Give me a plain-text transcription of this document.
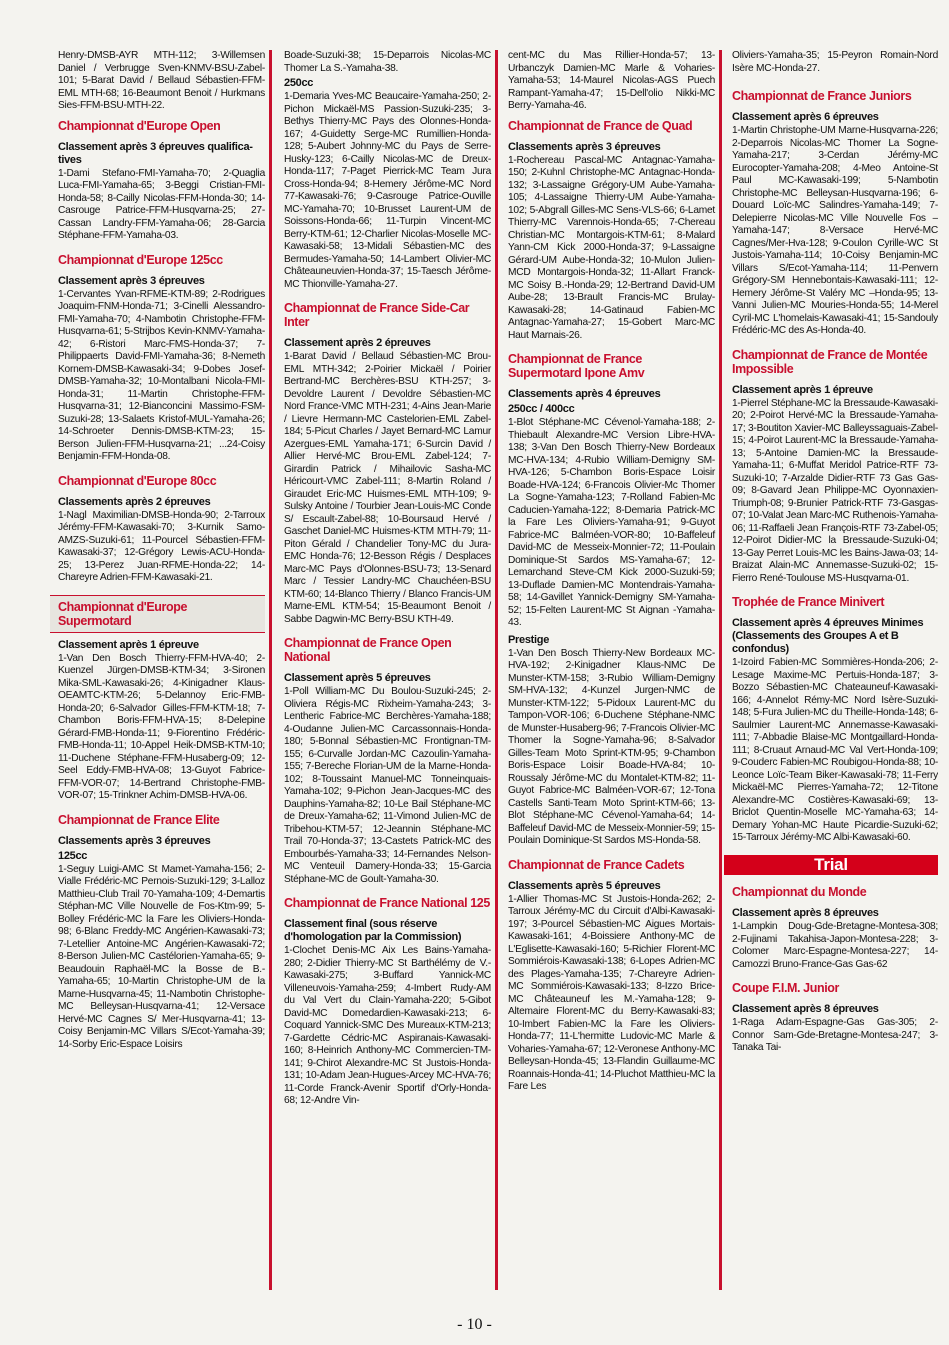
Henry-DMSB-AYR MTH-112; 3-Willemsen Daniel / Verbrugge Sven-KNMV-BSU-Zabel-101; 5-Barat David / Bellaud Sébastien-FFM-EML MTH-68; 16-Beaumont Benoit / Hurkmans Sies-FFM-BSU-MTH-22.
Championnat d'Europe Open
Classement après 3 épreuves qualifica-tives
1-Dami Stefano-FMI-Yamaha-70; 2-Quaglia Luca-FMI-Yamaha-65; 3-Beggi Cristian-FMI-Honda-58; 8-Cailly Nicolas-FFM-Honda-30; 14-Casrouge Patrice-FFM-Husqvarna-25; 27-Cassan Landry-FFM-Yamaha-06; 28-Garcia Stéphane-FFM-Yamaha-03.
Championnat d'Europe 125cc
Classement après 3 épreuves
1-Cervantes Yvan-RFME-KTM-89; 2-Rodrigues Joaquim-FNM-Honda-71; 3-Cinelli Alessandro-FMI-Yamaha-70; 4-Nambotin Christophe-FFM-Husqvarna-61; 5-Strijbos Kevin-KNMV-Yamaha-42; 6-Ristori Marc-FMS-Honda-37; 7-Philippaerts David-FMI-Yamaha-36; 8-Nemeth Kornem-DMSB-Kawasaki-34; 9-Dobes Josef-DMSB-Yamaha-32; 10-Montalbani Nicola-FMI-Honda-31; 11-Martin Christophe-FFM-Husqvarna-31; 12-Bianconcini Massimo-FSM-Suzuki-28; 13-Salaets Kristof-MUL-Yamaha-26; 14-Schroeter Dennis-DMSB-KTM-23; 15-Berson Julien-FFM-Husqvarna-21; ...24-Coisy Benjamin-FFM-Honda-08.
Championnat d'Europe 80cc
Classements après 2 épreuves
1-Nagl Maximilian-DMSB-Honda-90; 2-Tarroux Jérémy-FFM-Kawasaki-70; 3-Kurnik Samo-AMZS-Suzuki-61; 11-Pourcel Sébastien-FFM-Kawasaki-37; 12-Grégory Lewis-ACU-Honda-25; 13-Perez Juan-RFME-Honda-22; 14-Chareyre Adrien-FFM-Kawasaki-21.
Championnat d'Europe Supermotard
Classement après 1 épreuve
1-Van Den Bosch Thierry-FFM-HVA-40; 2-Kuenzel Jürgen-DMSB-KTM-34; 3-Sironen Mika-SML-Kawasaki-26; 4-Kinigadner Klaus-OEAMTC-KTM-26; 5-Delannoy Eric-FMB-Honda-20; 6-Salvador Gilles-FFM-KTM-18; 7-Chambon Boris-FFM-HVA-15; 8-Delepine Gérard-FMB-Honda-11; 9-Fiorentino Frédéric-FMB-Honda-11; 10-Appel Heik-DMSB-KTM-10; 11-Duchene Stéphane-FFM-Husaberg-09; 12-Seel Eddy-FMB-HVA-08; 13-Guyot Fabrice-FFM-VOR-07; 14-Bertrand Christophe-FMB-VOR-07; 15-Trinkner Achim-DMSB-HVA-06.
Championnat de France Elite
Classements après 3 épreuves
125cc
1-Seguy Luigi-AMC St Mamet-Yamaha-156; 2-Vialle Frédéric-MC Pernois-Suzuki-129; 3-Lalloz Matthieu-Club Trail 70-Yamaha-109; 4-Demartis Stéphan-MC Ville Nouvelle de Fos-Ktm-99; 5-Bolley Frédéric-MC la Fare les Oliviers-Honda-98; 6-Blanc Freddy-MC Angérien-Kawasaki-73; 7-Letellier Antoine-MC Angérien-Kawasaki-72; 8-Berson Julien-MC Castélorien-Yamaha-65; 9-Beaudouin Raphaël-MC la Bosse de B.-Yamaha-65; 10-Martin Christophe-UM de la Marne-Husqvarna-45; 11-Nambotin Christophe-MC Belleysan-Husqvarna-41; 12-Versace Hervé-MC Cagnes S/ Mer-Husqvarna-41; 13-Coisy Benjamin-MC Villars S/Ecot-Yamaha-39; 14-Sorby Eric-Espace Loisirs
Boade-Suzuki-38; 15-Deparrois Nicolas-MC Thomer La S.-Yamaha-38.
250cc
1-Demaria Yves-MC Beaucaire-Yamaha-250; 2-Pichon Mickaël-MS Passion-Suzuki-235; 3-Bethys Thierry-MC Pays des Olonnes-Honda-167; 4-Guidetty Serge-MC Rumillien-Honda-128; 5-Aubert Johnny-MC du Pays de Serre-Husky-123; 6-Cailly Nicolas-MC de Dreux-Honda-117; 7-Paget Pierrick-MC Team Jura Cross-Honda-94; 8-Hemery Jérôme-MC Nord 77-Kawasaki-76; 9-Casrouge Patrice-Ouville MC-Yamaha-70; 10-Brusset Laurent-UM de Soissons-Honda-66; 11-Turpin Vincent-MC Berry-KTM-61; 12-Charlier Nicolas-Moselle MC-Kawasaki-58; 13-Midali Sébastien-MC des Bermudes-Yamaha-50; 14-Lambert Olivier-MC Châteauneuvien-Honda-37; 15-Taesch Jérôme-MC Thionville-Yamaha-27.
Championnat de France Side-Car Inter
Classement après 2 épreuves
1-Barat David / Bellaud Sébastien-MC Brou-EML MTH-342; 2-Poirier Mickaël / Poirier Bertrand-MC Berchères-BSU KTH-257; 3-Devoldre Laurent / Devoldre Sébastien-MC Nord France-VMC MTH-231; 4-Ains Jean-Marie / Lievre Hermann-MC Castelorien-EML Zabel-184; 5-Picut Charles / Jayet Bernard-MC Lamur Azergues-EML Yamaha-171; 6-Surcin David / Allier Hervé-MC Brou-EML Zabel-124; 7-Girardin Patrick / Mihailovic Sasha-MC Héricourt-VMC Zabel-111; 8-Martin Roland / Giraudet Eric-MC Huismes-EML MTH-109; 9-Sulsky Antoine / Tourbier Jean-Louis-MC Conde S/ Escault-Zabel-88; 10-Boursaud Hervé / Gaschet Daniel-MC Huismes-KTM MTH-79; 11-Piton Gérald / Chandelier Tony-MC du Jura-EMC Honda-76; 12-Besson Régis / Desplaces Marc-MC Pays d'Olonnes-BSU-73; 13-Senard Marc / Tessier Landry-MC Chauchéen-BSU KTM-60; 14-Blanco Thierry / Blanco Francis-UM Marne-EML KTM-54; 15-Beaumont Benoit / Sabbe Dagwin-MC Berry-BSU KTH-49.
Championnat de France Open National
Classement après 5 épreuves
1-Poll William-MC Du Boulou-Suzuki-245; 2-Oliviera Régis-MC Rixheim-Yamaha-243; 3-Lentheric Fabrice-MC Berchères-Yamaha-188; 4-Oudanne Julien-MC Carcassonnais-Honda-180; 5-Bonnal Sébastien-MC Frontignan-TM-155; 6-Curvalle Jordan-MC Cazoulin-Yamaha-155; 7-Bereche Florian-UM de la Marne-Honda-102; 8-Toussaint Manuel-MC Tonneinquais-Yamaha-102; 9-Pichon Jean-Jacques-MC des Dauphins-Yamaha-82; 10-Le Bail Stéphane-MC de Dreux-Yamaha-62; 11-Vimond Julien-MC de Tribehou-KTM-57; 12-Jeannin Stéphane-MC Trail 70-Honda-37; 13-Castets Patrick-MC des Embourbés-Yamaha-33; 14-Fernandes Nelson-MC Venteuil Damery-Honda-33; 15-Garcia Stéphane-MC de Goult-Yamaha-30.
Championnat de France National 125
Classement final (sous réserve d'homologation par la Commission)
1-Clochet Denis-MC Aix Les Bains-Yamaha-280; 2-Didier Thierry-MC St Barthélémy de V.-Kawasaki-275; 3-Buffard Yannick-MC Villeneuvois-Yamaha-259; 4-Imbert Rudy-AM du Val Vert du Clain-Yamaha-220; 5-Gibot David-MC Domedardien-Kawasaki-213; 6-Coquard Yannick-SMC Des Mureaux-KTM-213; 7-Gardette Cédric-MC Aspiranais-Kawasaki-160; 8-Heinrich Anthony-MC Commercien-TM-141; 9-Chirot Alexandre-MC St Justois-Honda-131; 10-Adam Jean-Hugues-Arcey MC-HVA-76; 11-Corde Franck-Avenir Sportif d'Orly-Honda-68; 12-Andre Vin-
cent-MC du Mas Rillier-Honda-57; 13-Urbanczyk Damien-MC Marle & Voharies-Yamaha-53; 14-Maurel Nicolas-AGS Puech Rampant-Yamaha-47; 15-Dell'olio Nikki-MC Berry-Yamaha-46.
Championnat de France de Quad
Classements après 3 épreuves
1-Rochereau Pascal-MC Antagnac-Yamaha-150; 2-Kuhnl Christophe-MC Antagnac-Honda-132; 3-Lassaigne Grégory-UM Aube-Yamaha-105; 4-Lassaigne Thierry-UM Aube-Yamaha-102; 5-Abgrall Gilles-MC Sens-VLS-66; 6-Lamet Thierry-MC Varennois-Honda-65; 7-Chereau Christian-MC Montargois-KTM-61; 8-Malard Yann-CM Kick 2000-Honda-37; 9-Lassaigne Gérard-UM Aube-Honda-32; 10-Mulon Julien-MCD Montargois-Honda-32; 11-Allart Franck-MC Soisy B.-Honda-29; 12-Bertrand David-UM Aube-28; 13-Brault Francis-MC Brulay-Kawasaki-28; 14-Gatinaud Fabien-MC Antagnac-Yamaha-27; 15-Gobert Marc-MC Haut Marnais-26.
Championnat de France Supermotard Ipone Amv
Classements après 4 épreuves
250cc / 400cc
1-Blot Stéphane-MC Cévenol-Yamaha-188; 2-Thiebault Alexandre-MC Version Libre-HVA-138; 3-Van Den Bosch Thierry-New Bordeaux MC-HVA-134; 4-Rubio William-Demigny SM-HVA-126; 5-Chambon Boris-Espace Loisir Boade-HVA-124; 6-Francois Olivier-Mc Thomer La Sogne-Yamaha-123; 7-Rolland Fabien-Mc Caducien-Yamaha-122; 8-Demaria Patrick-MC la Fare Les Oliviers-Yamaha-91; 9-Guyot Fabrice-MC Balméen-VOR-80; 10-Baffeleuf David-MC de Messeix-Monnier-72; 11-Poulain Dominique-St Sardos MS-Yamaha-67; 12-Lemarchand Steve-CM Kick 2000-Suzuki-59; 13-Duflade Damien-MC Montendrais-Yamaha-58; 14-Gavillet Yannick-Demigny SM-Yamaha-52; 15-Felten Laurent-MC St Aignan -Yamaha-43.
Prestige
1-Van Den Bosch Thierry-New Bordeaux MC-HVA-192; 2-Kinigadner Klaus-NMC De Munster-KTM-158; 3-Rubio William-Demigny SM-HVA-132; 4-Kunzel Jurgen-NMC de Munster-KTM-122; 5-Pidoux Laurent-MC du Tampon-VOR-106; 6-Duchene Stéphane-NMC de Munster-Husaberg-96; 7-Francois Olivier-MC Thomer la Sogne-Yamaha-96; 8-Salvador Gilles-Team Moto Sprint-KTM-95; 9-Chambon Boris-Espace Loisir Boade-HVA-84; 10-Roussaly Jérôme-MC du Montalet-KTM-82; 11-Guyot Fabrice-MC Balméen-VOR-67; 12-Tona Castells Santi-Team Moto Sprint-KTM-66; 13-Blot Stéphane-MC Cévenol-Yamaha-64; 14-Baffeleuf David-MC de Messeix-Monnier-59; 15-Poulain Dominique-St Sardos MS-Honda-58.
Championnat de France Cadets
Classements après 5 épreuves
1-Allier Thomas-MC St Justois-Honda-262; 2-Tarroux Jérémy-MC du Circuit d'Albi-Kawasaki-197; 3-Pourcel Sébastien-MC Aigues Mortais-Kawasaki-161; 4-Boissiere Anthony-MC de L'Eglisette-Kawasaki-160; 5-Richier Florent-MC Sommiérois-Kawasaki-138; 6-Lopes Adrien-MC des Plages-Yamaha-135; 7-Chareyre Adrien-MC Sommiérois-Kawasaki-133; 8-Izzo Brice-MC Châteauneuf les M.-Yamaha-128; 9-Altemaire Florent-MC du Berry-Kawasaki-83; 10-Imbert Fabien-MC la Fare les Oliviers-Honda-77; 11-L'hermitte Ludovic-MC Marle & Voharies-Yamaha-67; 12-Veronese Anthony-MC Belleysan-Honda-45; 13-Flandin Guillaume-MC Roannais-Honda-41; 14-Pluchot Matthieu-MC la Fare Les
Oliviers-Yamaha-35; 15-Peyron Romain-Nord Isère MC-Honda-27.
Championnat de France Juniors
Classement après 6 épreuves
1-Martin Christophe-UM Marne-Husqvarna-226; 2-Deparrois Nicolas-MC Thomer La Sogne-Yamaha-217; 3-Cerdan Jérémy-MC Eurocopter-Yamaha-208; 4-Meo Antoine-St Paul MC-Kawasaki-199; 5-Nambotin Christophe-MC Belleysan-Husqvarna-196; 6-Douard Loïc-MC Salindres-Yamaha-149; 7-Delepierre Nicolas-MC Ville Nouvelle Fos –Yamaha-147; 8-Versace Hervé-MC Cagnes/Mer-Hva-128; 9-Coulon Cyrille-WC St Justois-Yamaha-114; 10-Coisy Benjamin-MC Villars S/Ecot-Yamaha-114; 11-Penvern Grégory-SM Hennebontais-Kawasaki-111; 12-Hemery Jérôme-St Valéry MC –Honda-95; 13-Vanni Julien-MC Mouries-Honda-55; 14-Merel Cyril-MC L'homelais-Kawasaki-41; 15-Sandouly Frédéric-MC des As-Honda-40.
Championnat de France de Montée Impossible
Classement après 1 épreuve
1-Pierrel Stéphane-MC la Bressaude-Kawasaki-20; 2-Poirot Hervé-MC la Bressaude-Yamaha-17; 3-Boutiton Xavier-MC Balleyssaguais-Zabel-15; 4-Poirot Laurent-MC la Bressaude-Yamaha-13; 5-Antoine Damien-MC la Bressaude-Yamaha-11; 6-Muffat Meridol Patrice-RTF 73-Suzuki-10; 7-Arzalde Didier-RTF 73 Gas Gas-09; 8-Gavard Jean Philippe-MC Oyonnaxien-Triumph-08; 9-Brunier Patrick-RTF 73-Gasgas-07; 10-Valat Jean Marc-MC Ruthenois-Yamaha-06; 11-Raffaeli Jean François-RTF 73-Zabel-05; 12-Poirot Didier-MC la Bressaude-Suzuki-04; 13-Gay Perret Louis-MC les Bains-Jawa-03; 14-Braizat Alain-MC Annemasse-Suzuki-02; 15-Fierro René-Toulouse MS-Husqvarna-01.
Trophée de France Minivert
Classement après 4 épreuves Minimes (Classements des Groupes A et B confondus)
1-Izoird Fabien-MC Sommières-Honda-206; 2-Lesage Maxime-MC Pertuis-Honda-187; 3-Bozzo Sébastien-MC Chateauneuf-Kawasaki-166; 4-Annelot Rémy-MC Nord Isère-Suzuki-148; 5-Fura Julien-MC du Theille-Honda-148; 6-Saulmier Laurent-MC Annemasse-Kawasaki-111; 7-Abbadie Blaise-MC Montgaillard-Honda-111; 8-Cruaut Arnaud-MC Val Vert-Honda-109; 9-Couderc Fabien-MC Roubigou-Honda-88; 10-Leonce Loïc-Team Biker-Kawasaki-78; 11-Ferry Mickaël-MC Pierres-Yamaha-72; 12-Titone Alexandre-MC Costières-Kawasaki-69; 13-Briclot Quentin-Moselle MC-Yamaha-63; 14-Demary Yohan-MC Haute Picardie-Suzuki-62; 15-Tarroux Jérémy-MC Albi-Kawasaki-60.
Trial
Championnat du Monde
Classement après 8 épreuves
1-Lampkin Doug-Gde-Bretagne-Montesa-308; 2-Fujinami Takahisa-Japon-Montesa-228; 3-Colomer Marc-Espagne-Montesa-227; 14-Camozzi Bruno-France-Gas Gas-62
Coupe F.I.M. Junior
Classement après 8 épreuves
1-Raga Adam-Espagne-Gas Gas-305; 2-Connor Sam-Gde-Bretagne-Montesa-247; 3-Tanaka Tai-
- 10 -
